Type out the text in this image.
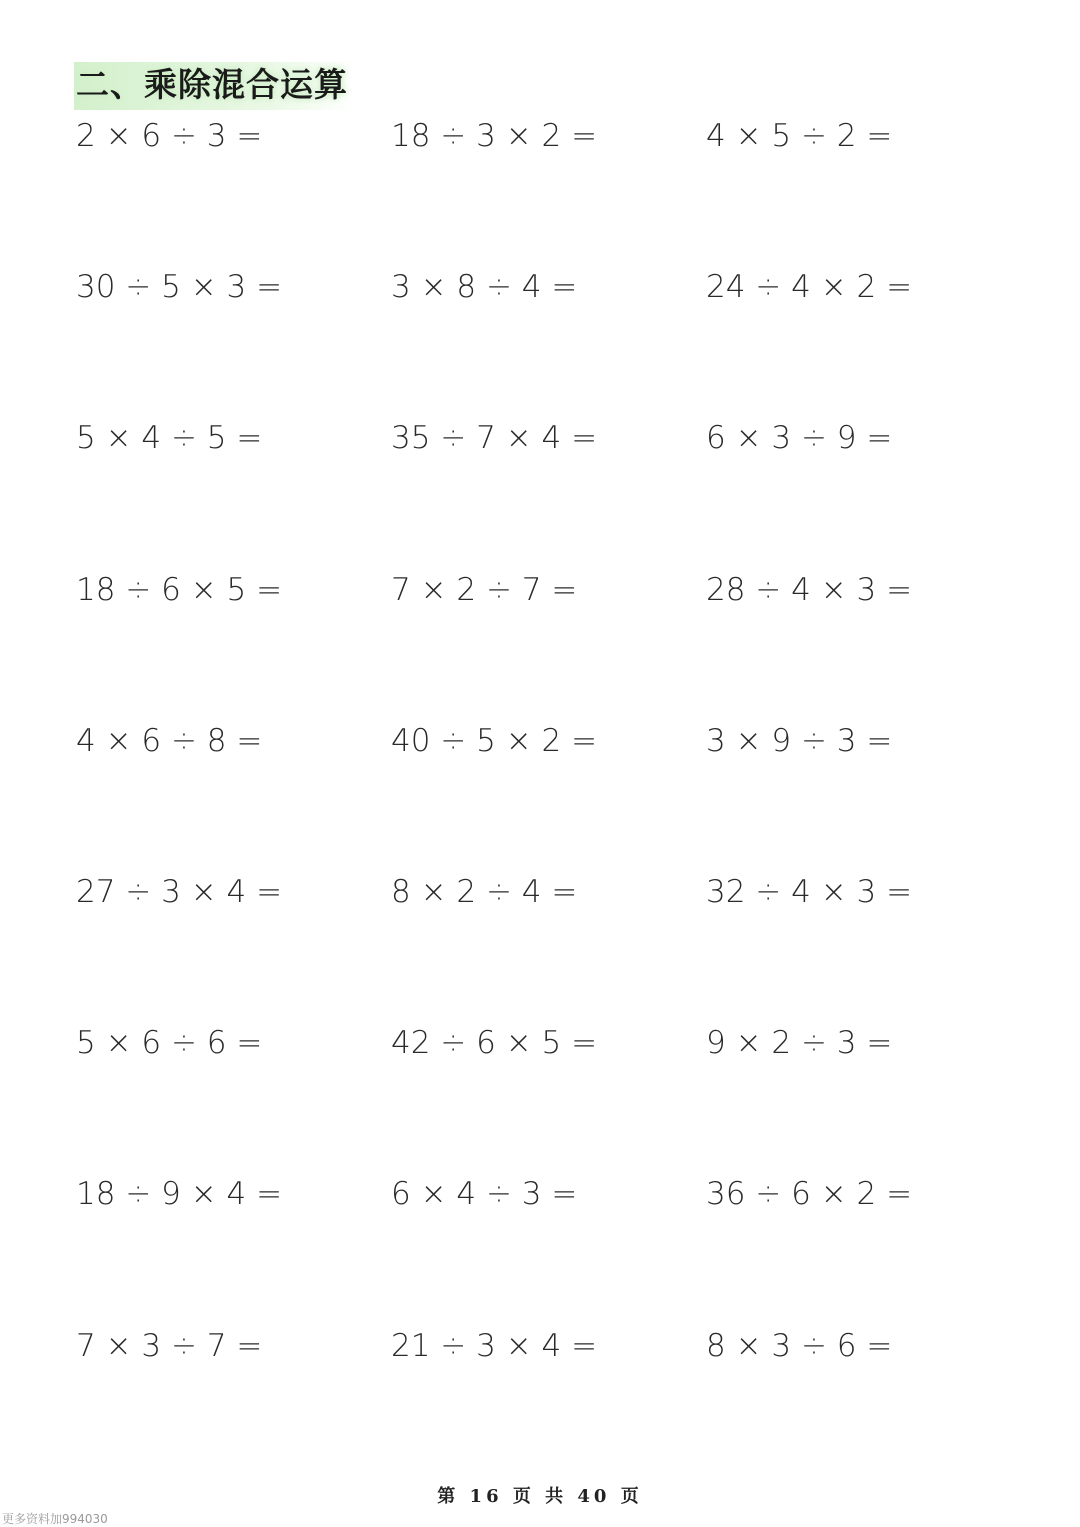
二、乘除混合运算
2 × 6 ÷ 3 =	18 ÷ 3 × 2 =	4 × 5 ÷ 2 =
30 ÷ 5 × 3 =	3 × 8 ÷ 4 =	24 ÷ 4 × 2 =
5 × 4 ÷ 5 =	35 ÷ 7 × 4 =	6 × 3 ÷ 9 =
18 ÷ 6 × 5 =	7 × 2 ÷ 7 =	28 ÷ 4 × 3 =
4 × 6 ÷ 8 =	40 ÷ 5 × 2 =	3 × 9 ÷ 3 =
27 ÷ 3 × 4 =	8 × 2 ÷ 4 =	32 ÷ 4 × 3 =
5 × 6 ÷ 6 =	42 ÷ 6 × 5 =	9 × 2 ÷ 3 =
18 ÷ 9 × 4 =	6 × 4 ÷ 3 =	36 ÷ 6 × 2 =
7 × 3 ÷ 7 =	21 ÷ 3 × 4 =	8 × 3 ÷ 6 =
第 16 页 共 40 页
更多资料加994030
